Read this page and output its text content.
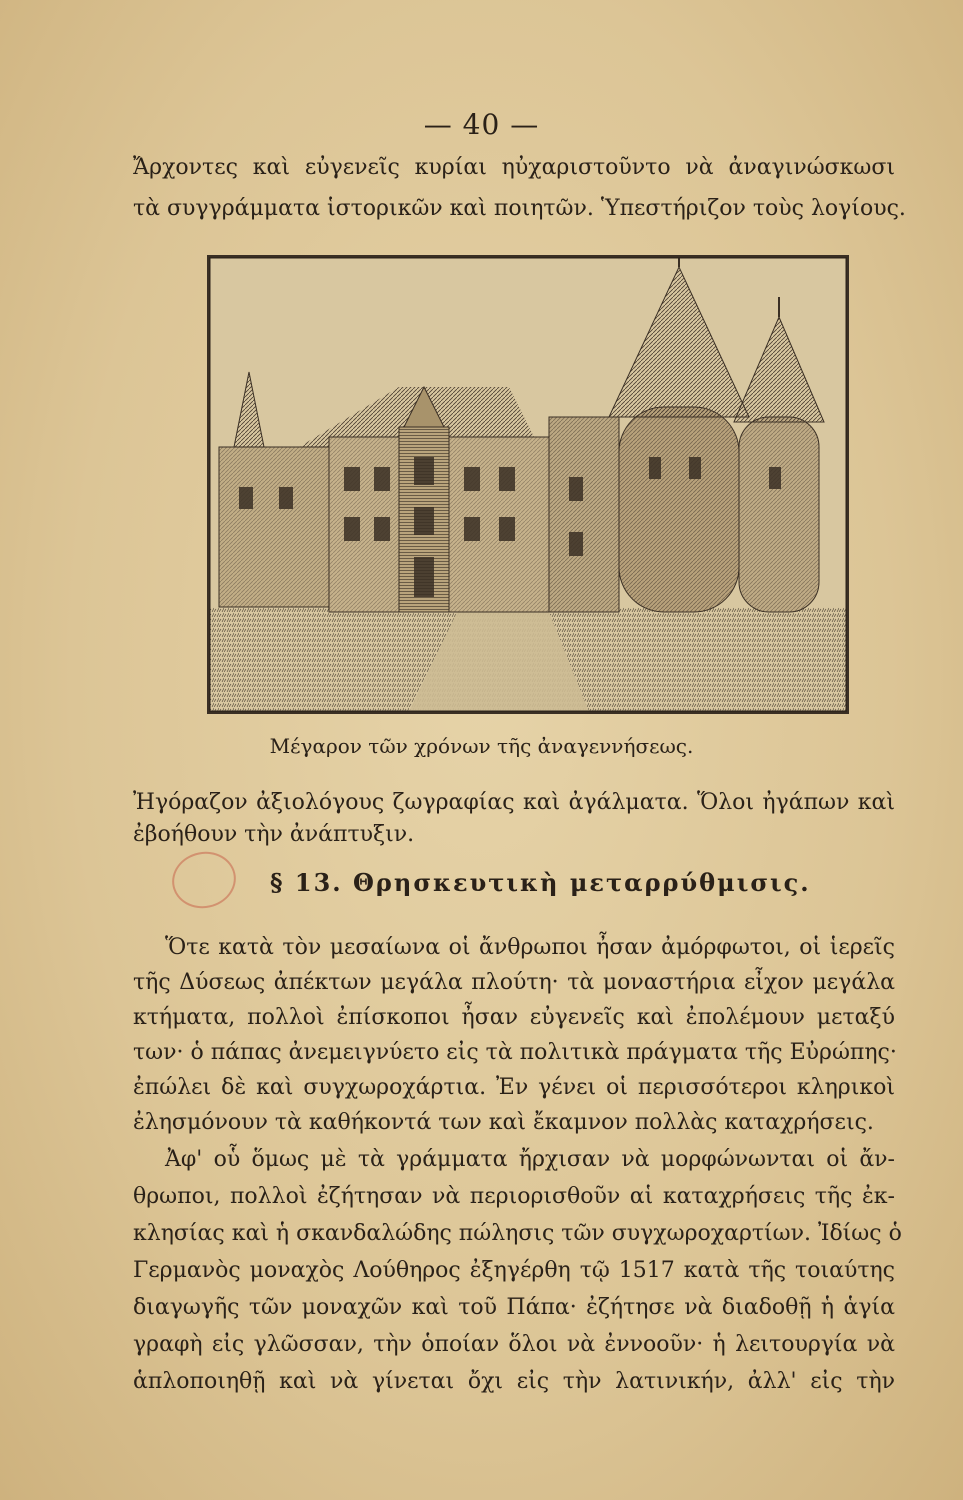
— 40 —
Ἄρχοντες καὶ εὐγενεῖς κυρίαι ηὐχαριστοῦντο νὰ ἀναγινώσκωσι
τὰ συγγράμματα ἱστορικῶν καὶ ποιητῶν. Ὑπεστήριζον τοὺς λογίους.
Μέγαρον τῶν χρόνων τῆς ἀναγεννήσεως.
Ἠγόραζον ἀξιολόγους ζωγραφίας καὶ ἀγάλματα. Ὅλοι ἠγάπων καὶ
ἐβοήθουν τὴν ἀνάπτυξιν.
§ 13. Θρησκευτικὴ μεταρρύθμισις.
Ὅτε κατὰ τὸν μεσαίωνα οἱ ἄνθρωποι ἦσαν ἀμόρφωτοι, οἱ ἱερεῖς
τῆς Δύσεως ἀπέκτων μεγάλα πλούτη· τὰ μοναστήρια εἶχον μεγάλα
κτήματα, πολλοὶ ἐπίσκοποι ἦσαν εὐγενεῖς καὶ ἐπολέμουν μεταξύ
των· ὁ πάπας ἀνεμειγνύετο εἰς τὰ πολιτικὰ πράγματα τῆς Εὐρώπης·
ἐπώλει δὲ καὶ συγχωροχάρτια. Ἐν γένει οἱ περισσότεροι κληρικοὶ
ἐλησμόνουν τὰ καθήκοντά των καὶ ἔκαμνον πολλὰς καταχρήσεις.
Ἀφ' οὗ ὅμως μὲ τὰ γράμματα ἤρχισαν νὰ μορφώνωνται οἱ ἄν-
θρωποι, πολλοὶ ἐζήτησαν νὰ περιορισθοῦν αἱ καταχρήσεις τῆς ἐκ-
κλησίας καὶ ἡ σκανδαλώδης πώλησις τῶν συγχωροχαρτίων. Ἰδίως ὁ
Γερμανὸς μοναχὸς Λούθηρος ἐξηγέρθη τῷ 1517 κατὰ τῆς τοιαύτης
διαγωγῆς τῶν μοναχῶν καὶ τοῦ Πάπα· ἐζήτησε νὰ διαδοθῇ ἡ ἁγία
γραφὴ εἰς γλῶσσαν, τὴν ὁποίαν ὅλοι νὰ ἐννοοῦν· ἡ λειτουργία νὰ
ἁπλοποιηθῇ καὶ νὰ γίνεται ὄχι εἰς τὴν λατινικήν, ἀλλ' εἰς τὴν
